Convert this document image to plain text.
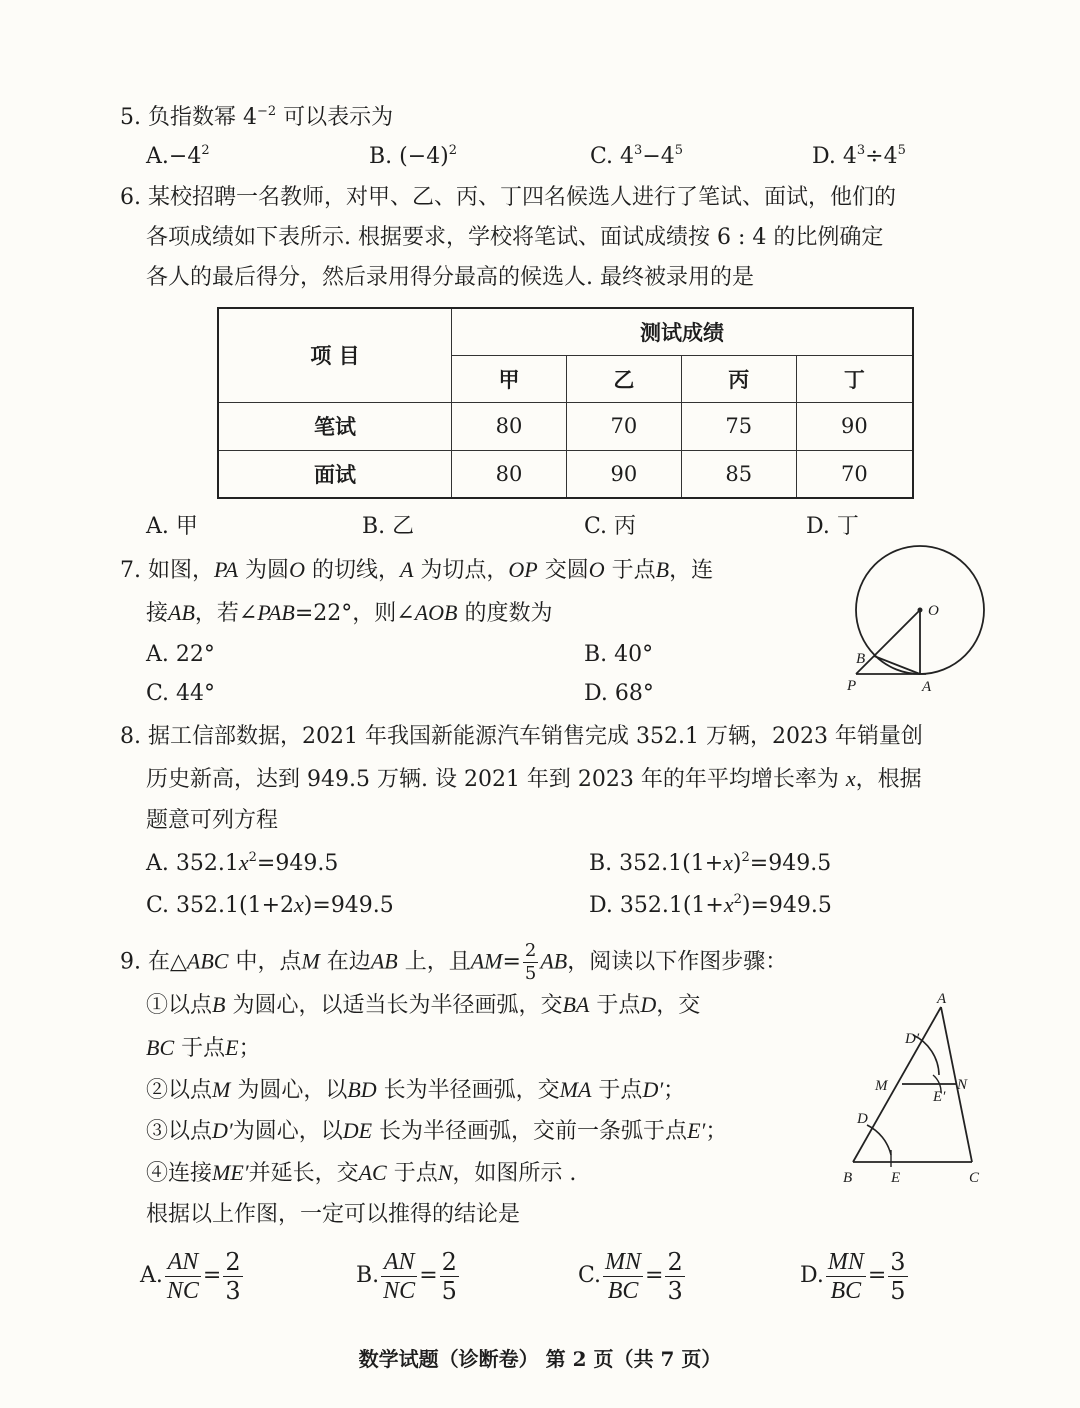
5. 负指数幂 $4^{-2}$ 可以表示为
$A.-4^2$	B. $(-4)^2$	C. $4^3-4^5$	D. $4^3\div 4^5$
6. 某校招聘一名教师，对甲、乙、丙、丁四名候选人进行了笔试、面试，他们的
各项成绩如下表所示. 根据要求，学校将笔试、面试成绩按 6 : 4 的比例确定
各人的最后得分，然后录用得分最高的候选人. 最终被录用的是
项 目	测试成绩			
	甲	乙	丙	丁
笔试	80	70	75	90
面试	80	90	85	70
A. 甲	B. 乙	C. 丙	D. 丁
7. 如图，PA 为圆O 的切线，A 为切点，OP 交圆O 于点B，连
接AB，若∠PAB=22°，则∠AOB 的度数为
A. 22°	B. 40°
C. 44°	D. 68°
O
A
B
P
8. 据工信部数据，2021 年我国新能源汽车销售完成 352.1 万辆，2023 年销量创
历史新高，达到 949.5 万辆. 设 2021 年到 2023 年的年平均增长率为 x，根据
题意可列方程
A. $352.1x^2=949.5$	B. $352.1(1+x)^2=949.5$
C. 352.1(1+2x)=949.5	D. $352.1(1+x^2)=949.5$
9. 在△ABC 中，点M 在边AB 上，且$AM= \frac{2}{5}$ AB，阅读以下作图步骤：
①以点B 为圆心，以适当长为半径画弧，交BA 于点D，交
BC 于点E；
②以点M 为圆心，以BD 长为半径画弧，交MA 于点D′；
③以点D′为圆心，以DE 长为半径画弧，交前一条弧于点E′；
④连接ME′并延长，交AC 于点N，如图所示 .
根据以上作图，一定可以推得的结论是
A. $\frac{AN}{NC} = \frac{2}{3}$	B. $\frac{AN}{NC} = \frac{2}{5}$	C. $\frac{MN}{BC} = \frac{2}{3}$	D. $\frac{MN}{BC} = \frac{3}{5}$
A
D′
M	N
E′
D
B	E	C
数学试题（诊断卷） 第 2 页（共 7 页）
